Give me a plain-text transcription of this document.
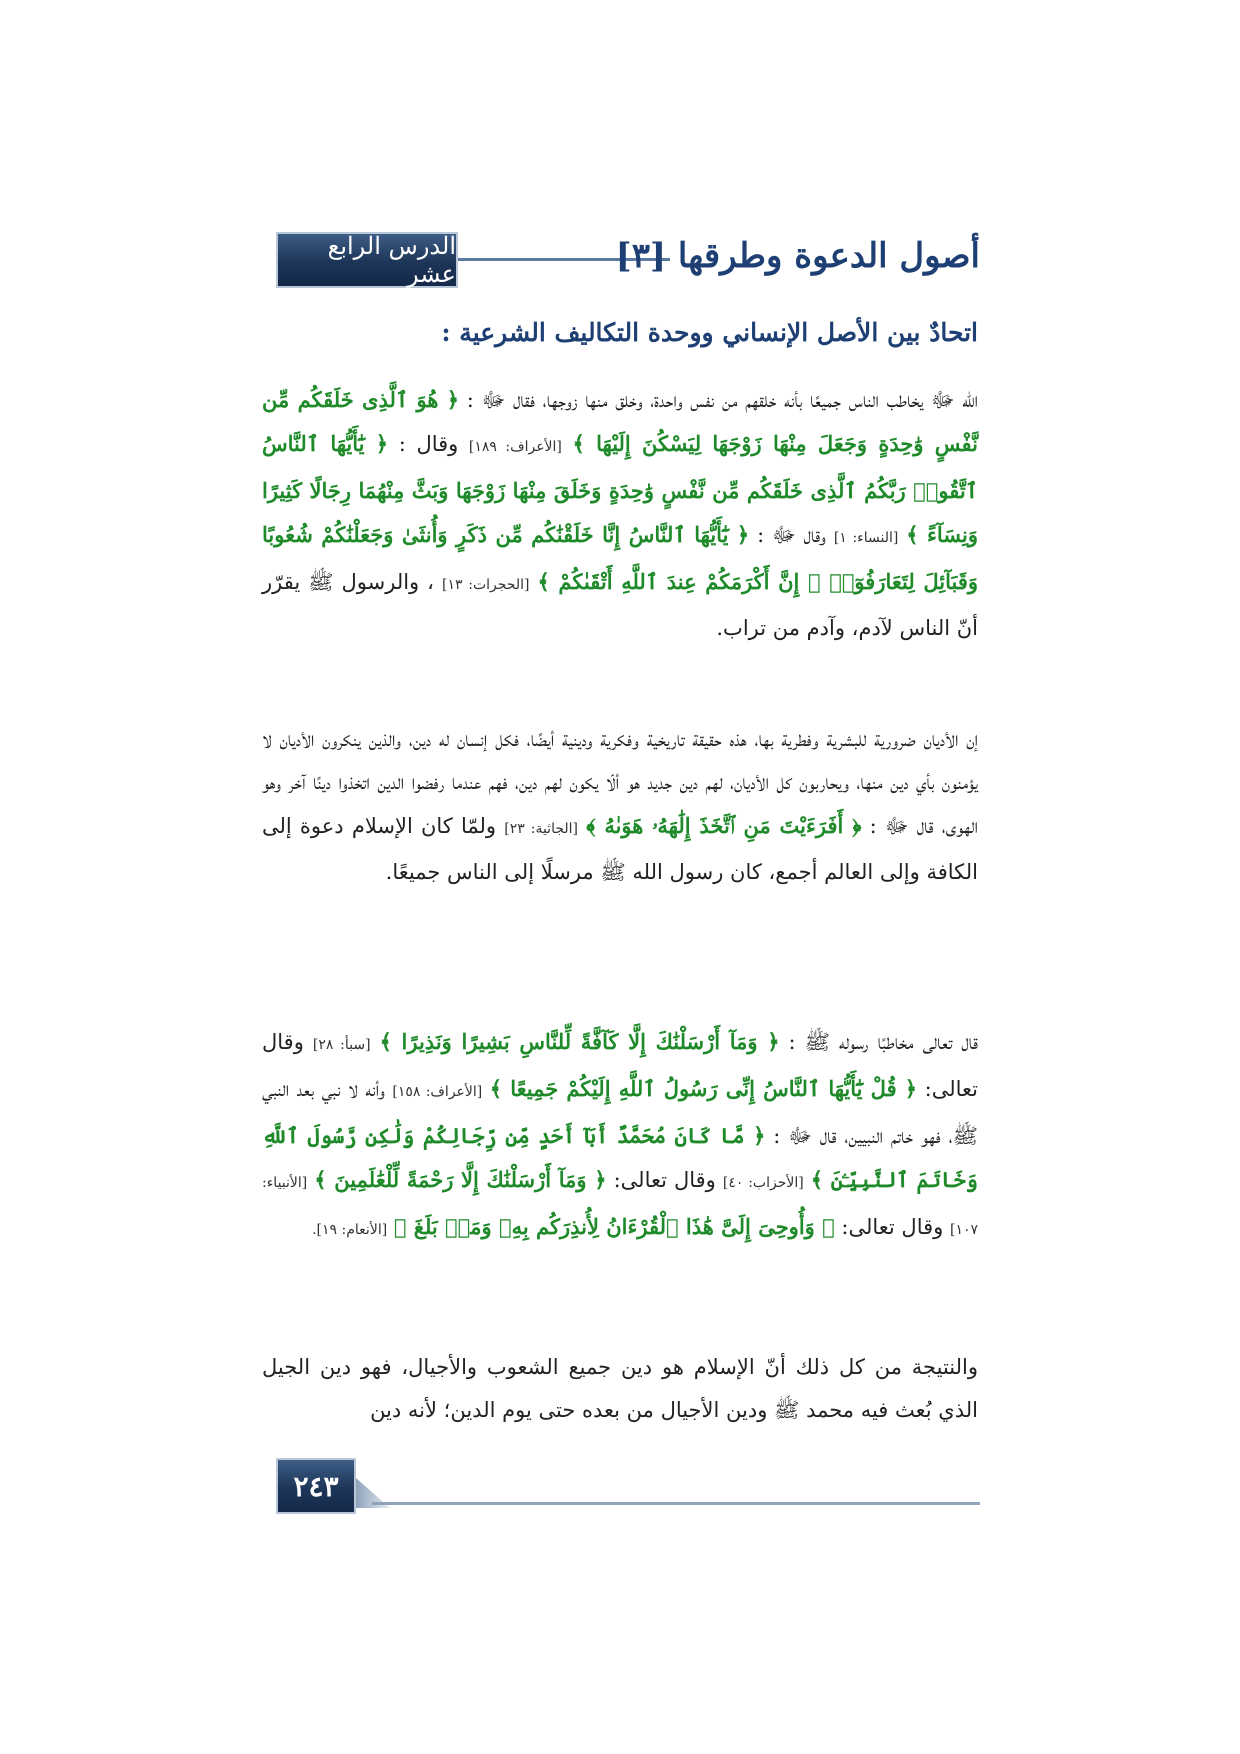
الدرس الرابع عشر	أصول الدعوة وطرقها [٣]
اتحادٌ بين الأصل الإنساني ووحدة التكاليف الشرعية :
الله ﷻ يخاطب الناس جميعًا بأنه خلقهم من نفس واحدة، وخلق منها زوجها، فقال ﷻ : ﴿ هُوَ ٱلَّذِى خَلَقَكُم مِّن نَّفْسٍ وَٰحِدَةٍ وَجَعَلَ مِنْهَا زَوْجَهَا لِيَسْكُنَ إِلَيْهَا ﴾ [الأعراف: ١٨٩] وقال : ﴿ يَٰٓأَيُّهَا ٱلنَّاسُ ٱتَّقُوا۟ رَبَّكُمُ ٱلَّذِى خَلَقَكُم مِّن نَّفْسٍ وَٰحِدَةٍ وَخَلَقَ مِنْهَا زَوْجَهَا وَبَثَّ مِنْهُمَا رِجَالًا كَثِيرًا وَنِسَآءً ﴾ [النساء: ١] وقال ﷻ : ﴿ يَٰٓأَيُّهَا ٱلنَّاسُ إِنَّا خَلَقْنَٰكُم مِّن ذَكَرٍ وَأُنثَىٰ وَجَعَلْنَٰكُمْ شُعُوبًا وَقَبَآئِلَ لِتَعَارَفُوٓا۟ ۚ إِنَّ أَكْرَمَكُمْ عِندَ ٱللَّهِ أَتْقَىٰكُمْ ﴾ [الحجرات: ١٣] ، والرسول ﷺ يقرّر أنّ الناس لآدم، وآدم من تراب.
إن الأديان ضرورية للبشرية وفطرية بها، هذه حقيقة تاريخية وفكرية ودينية أيضًا، فكل إنسان له دين، والذين ينكرون الأديان لا يؤمنون بأي دين منها، ويحاربون كل الأديان، لهم دين جديد هو ألّا يكون لهم دين، فهم عندما رفضوا الدين اتخذوا دينًا آخر وهو الهوى، قال ﷻ : ﴿ أَفَرَءَيْتَ مَنِ ٱتَّخَذَ إِلَٰهَهُۥ هَوَىٰهُ ﴾ [الجاثية: ٢٣] ولمّا كان الإسلام دعوة إلى الكافة وإلى العالم أجمع، كان رسول الله ﷺ مرسلًا إلى الناس جميعًا.
قال تعالى مخاطبًا رسوله ﷺ : ﴿ وَمَآ أَرْسَلْنَٰكَ إِلَّا كَآفَّةً لِّلنَّاسِ بَشِيرًا وَنَذِيرًا ﴾ [سبأ: ٢٨] وقال تعالى: ﴿ قُلْ يَٰٓأَيُّهَا ٱلنَّاسُ إِنِّى رَسُولُ ٱللَّهِ إِلَيْكُمْ جَمِيعًا ﴾ [الأعراف: ١٥٨] وأنه لا نبي بعد النبي ﷺ، فهو خاتم النبيين، قال ﷻ : ﴿ مَّا كَانَ مُحَمَّدٌ أَبَآ أَحَدٍ مِّن رِّجَالِكُمْ وَلَٰكِن رَّسُولَ ٱللَّهِ وَخَاتَمَ ٱلنَّبِيِّـۧنَ ﴾ [الأحزاب: ٤٠] وقال تعالى: ﴿ وَمَآ أَرْسَلْنَٰكَ إِلَّا رَحْمَةً لِّلْعَٰلَمِينَ ﴾ [الأنبياء: ١٠٧] وقال تعالى: ﴿ وَأُوحِىَ إِلَىَّ هَٰذَا ٱلْقُرْءَانُ لِأُنذِرَكُم بِهِۦ وَمَنۢ بَلَغَ ﴾ [الأنعام: ١٩].
والنتيجة من كل ذلك أنّ الإسلام هو دين جميع الشعوب والأجيال، فهو دين الجيل الذي بُعث فيه محمد ﷺ ودين الأجيال من بعده حتى يوم الدين؛ لأنه دين
٢٤٣
